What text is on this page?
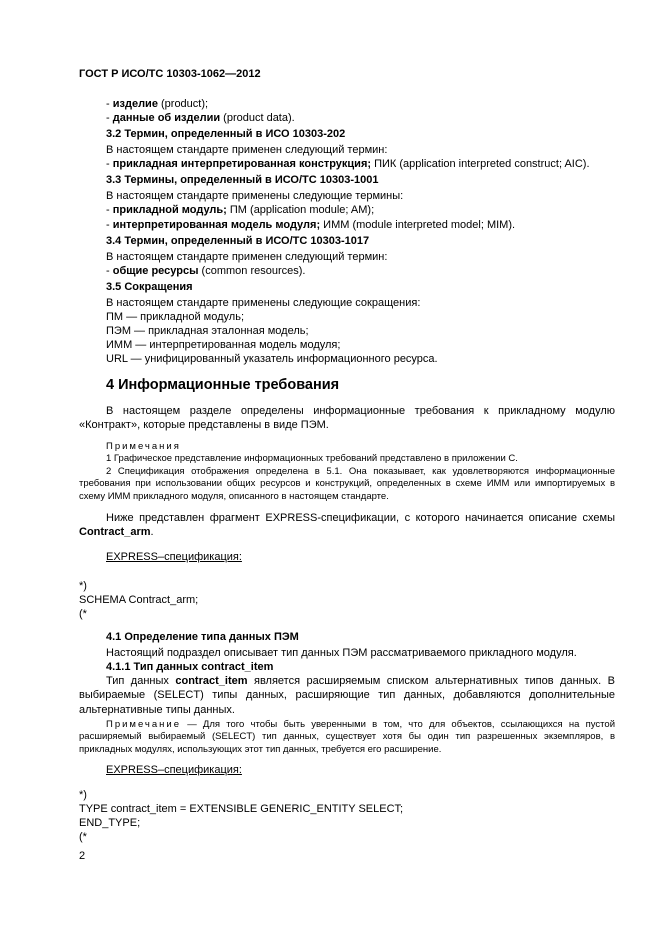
ГОСТ Р ИСО/ТС 10303-1062—2012
- изделие (product);
- данные об изделии (product data).
3.2 Термин, определенный в ИСО 10303-202
В настоящем стандарте применен следующий термин:
- прикладная интерпретированная конструкция; ПИК (application interpreted construct; AIC).
3.3 Термины, определенный в ИСО/ТС 10303-1001
В настоящем стандарте применены следующие термины:
- прикладной модуль; ПМ (application module; AM);
- интерпретированная модель модуля; ИММ (module interpreted model; MIM).
3.4 Термин, определенный в ИСО/ТС 10303-1017
В настоящем стандарте применен следующий термин:
- общие ресурсы (common resources).
3.5 Сокращения
В настоящем стандарте применены следующие сокращения:
ПМ — прикладной модуль;
ПЭМ — прикладная эталонная модель;
ИММ — интерпретированная модель модуля;
URL — унифицированный указатель информационного ресурса.
4 Информационные требования

В настоящем разделе определены информационные требования к прикладному модулю «Контракт», которые представлены в виде ПЭМ.

Примечания

1 Графическое представление информационных требований представлено в приложении С.

2 Спецификация отображения определена в 5.1. Она показывает, как удовлетворяются информационные требования при использовании общих ресурсов и конструкций, определенных в схеме ИММ или импортируемых в схему ИММ прикладного модуля, описанного в настоящем стандарте.

Ниже представлен фрагмент EXPRESS-спецификации, с которого начинается описание схемы Contract_arm.

EXPRESS–спецификация:
*)
SCHEMA Contract_arm;
(*
4.1 Определение типа данных ПЭМ
Настоящий подраздел описывает тип данных ПЭМ рассматриваемого прикладного модуля.
4.1.1 Тип данных contract_item

Тип данных contract_item является расширяемым списком альтернативных типов данных. В выбираемые (SELECT) типы данных, расширяющие тип данных, добавляются дополнительные альтернативные типы данных.

Примечание — Для того чтобы быть уверенными в том, что для объектов, ссылающихся на пустой расширяемый выбираемый (SELECT) тип данных, существует хотя бы один тип разрешенных экземпляров, в прикладных модулях, использующих этот тип данных, требуется его расширение.

EXPRESS–спецификация:
*)
TYPE contract_item = EXTENSIBLE GENERIC_ENTITY SELECT;
END_TYPE;
(*
2
